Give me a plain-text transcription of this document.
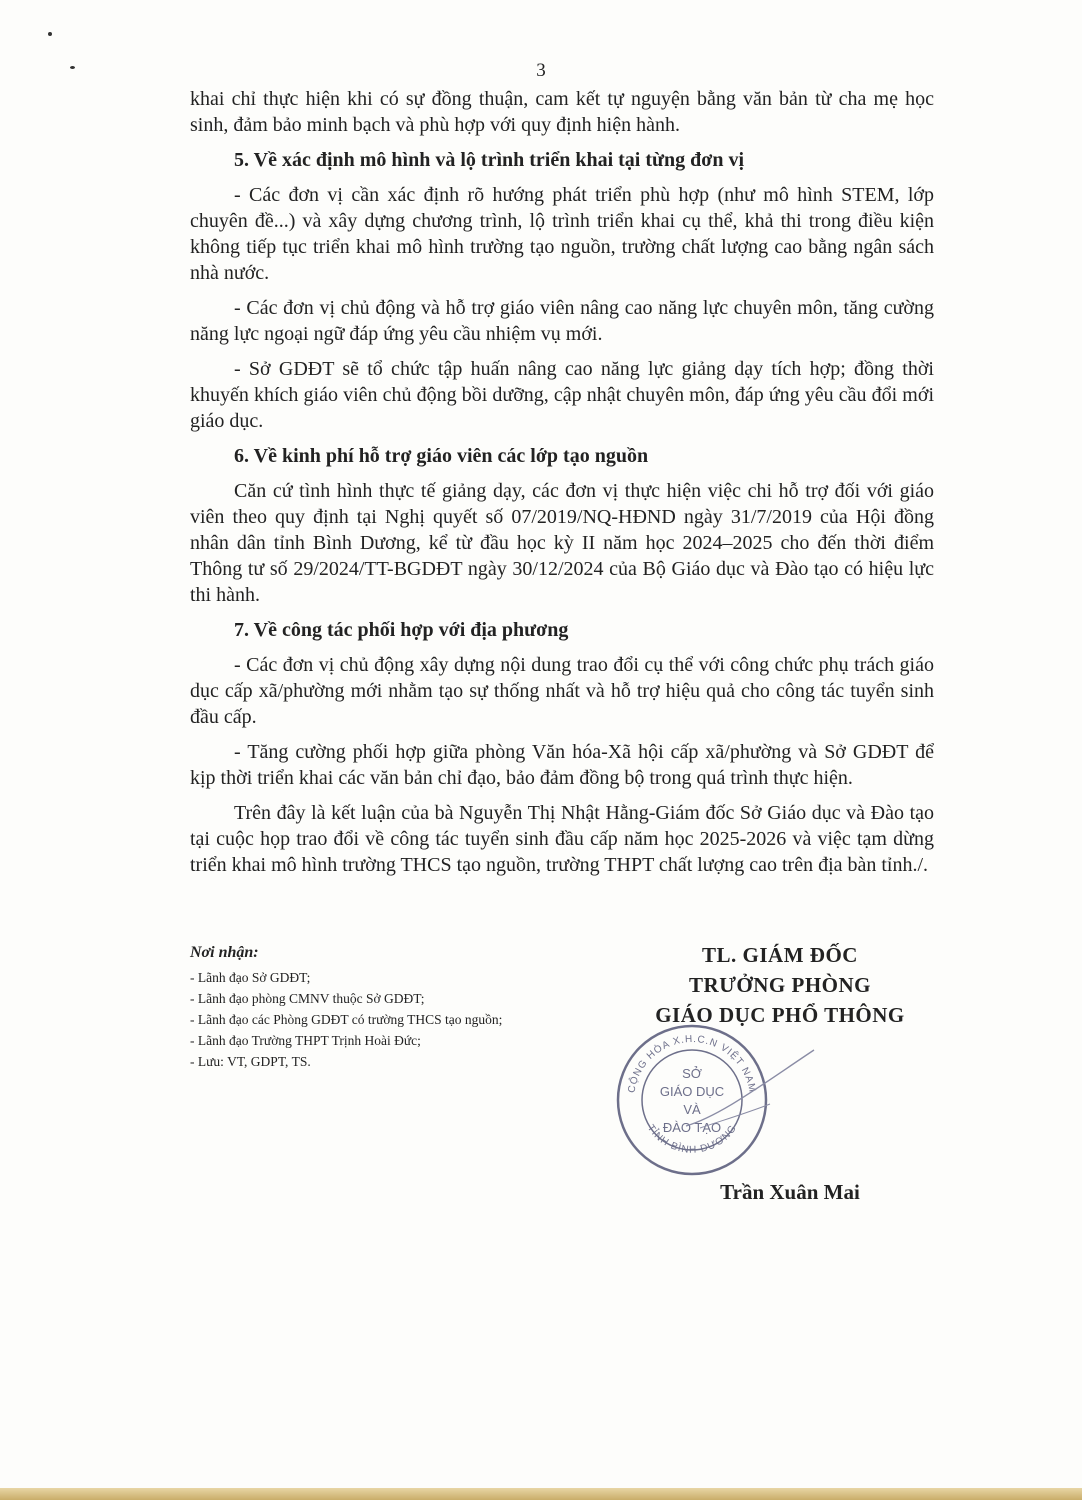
3

khai chỉ thực hiện khi có sự đồng thuận, cam kết tự nguyện bằng văn bản từ cha mẹ học sinh, đảm bảo minh bạch và phù hợp với quy định hiện hành.

5. Về xác định mô hình và lộ trình triển khai tại từng đơn vị

- Các đơn vị cần xác định rõ hướng phát triển phù hợp (như mô hình STEM, lớp chuyên đề...) và xây dựng chương trình, lộ trình triển khai cụ thể, khả thi trong điều kiện không tiếp tục triển khai mô hình trường tạo nguồn, trường chất lượng cao bằng ngân sách nhà nước.

- Các đơn vị chủ động và hỗ trợ giáo viên nâng cao năng lực chuyên môn, tăng cường năng lực ngoại ngữ đáp ứng yêu cầu nhiệm vụ mới.

- Sở GDĐT sẽ tổ chức tập huấn nâng cao năng lực giảng dạy tích hợp; đồng thời khuyến khích giáo viên chủ động bồi dưỡng, cập nhật chuyên môn, đáp ứng yêu cầu đổi mới giáo dục.

6. Về kinh phí hỗ trợ giáo viên các lớp tạo nguồn

Căn cứ tình hình thực tế giảng dạy, các đơn vị thực hiện việc chi hỗ trợ đối với giáo viên theo quy định tại Nghị quyết số 07/2019/NQ-HĐND ngày 31/7/2019 của Hội đồng nhân dân tỉnh Bình Dương, kể từ đầu học kỳ II năm học 2024–2025 cho đến thời điểm Thông tư số 29/2024/TT-BGDĐT ngày 30/12/2024 của Bộ Giáo dục và Đào tạo có hiệu lực thi hành.

7. Về công tác phối hợp với địa phương

- Các đơn vị chủ động xây dựng nội dung trao đổi cụ thể với công chức phụ trách giáo dục cấp xã/phường mới nhằm tạo sự thống nhất và hỗ trợ hiệu quả cho công tác tuyển sinh đầu cấp.

- Tăng cường phối hợp giữa phòng Văn hóa-Xã hội cấp xã/phường và Sở GDĐT để kịp thời triển khai các văn bản chỉ đạo, bảo đảm đồng bộ trong quá trình thực hiện.

Trên đây là kết luận của bà Nguyễn Thị Nhật Hằng-Giám đốc Sở Giáo dục và Đào tạo tại cuộc họp trao đổi về công tác tuyển sinh đầu cấp năm học 2025-2026 và việc tạm dừng triển khai mô hình trường THCS tạo nguồn, trường THPT chất lượng cao trên địa bàn tỉnh./.

Nơi nhận:
- Lãnh đạo Sở GDĐT;
- Lãnh đạo phòng CMNV thuộc Sở GDĐT;
- Lãnh đạo các Phòng GDĐT có trường THCS tạo nguồn;
- Lãnh đạo Trường THPT Trịnh Hoài Đức;
- Lưu: VT, GDPT, TS.
TL. GIÁM ĐỐC
TRƯỞNG PHÒNG
GIÁO DỤC PHỔ THÔNG
CỘNG HÒA X.H.C.N VIỆT NAM
TỈNH BÌNH DƯƠNG
SỞ
GIÁO DỤC
VÀ
ĐÀO TẠO
Trần Xuân Mai
